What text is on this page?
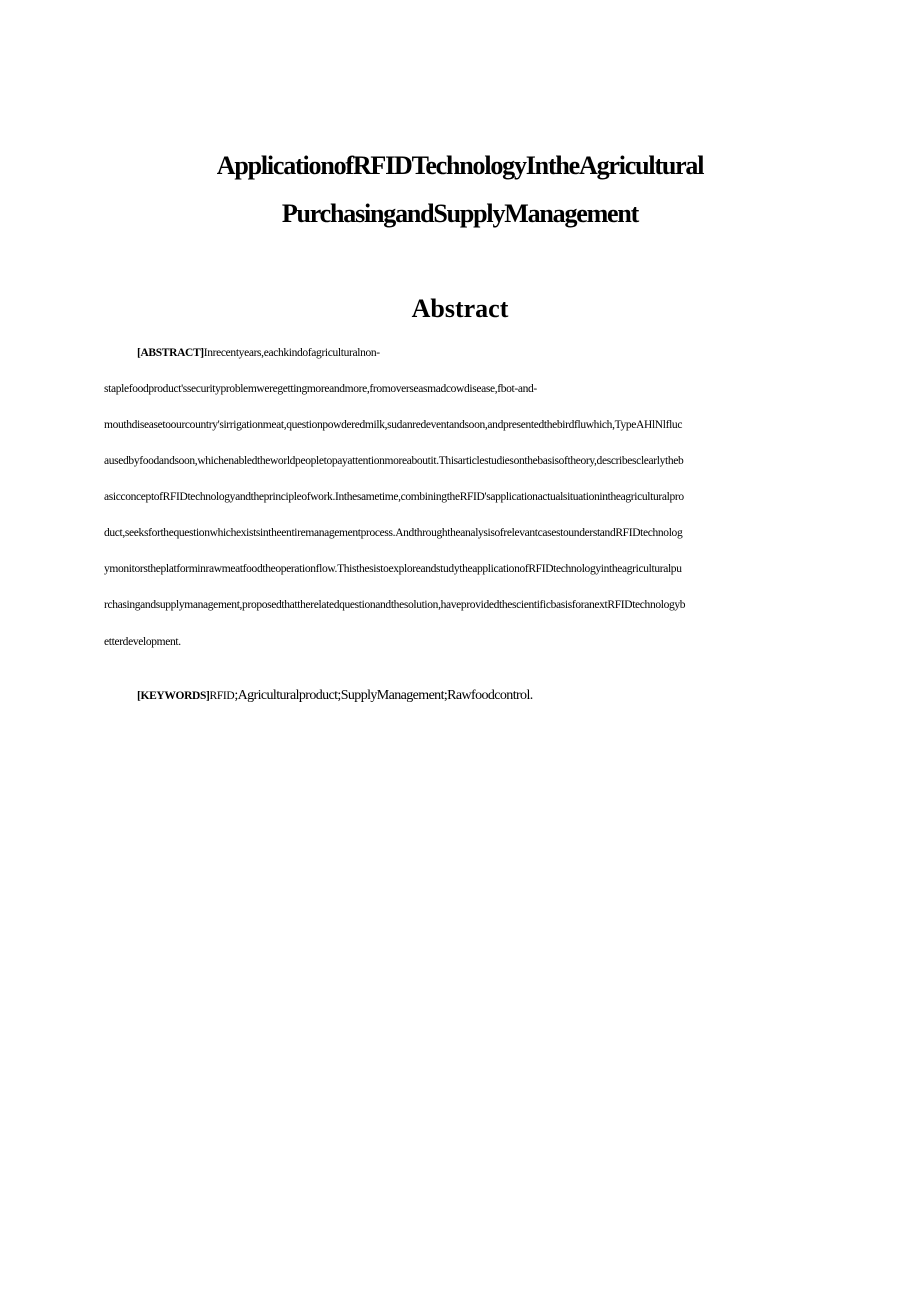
ApplicationofRFIDTechnologyIntheAgricultural
PurchasingandSupplyManagement
Abstract
[ABSTRACT]Inrecentyears,eachkindofagriculturalnon-
staplefoodproduct'ssecurityproblemweregettingmoreandmore,fromoverseasmadcowdisease,fbot-and-
mouthdiseasetoourcountry'sirrigationmeat,questionpowderedmilk,sudanredeventandsoon,andpresentedthebirdfluwhich,TypeAHlNlfluc
ausedbyfoodandsoon,whichenabledtheworldpeopletopayattentionmoreaboutit.Thisarticlestudiesonthebasisoftheory,describesclearlytheb
asicconceptofRFIDtechnologyandtheprincipleofwork.Inthesametime,combiningtheRFID'sapplicationactualsituationintheagriculturalpro
duct,seeksforthequestionwhichexistsintheentiremanagementprocess.AndthroughtheanalysisofrelevantcasestounderstandRFIDtechnolog
ymonitorstheplatforminrawmeatfoodtheoperationflow.ThisthesistoexploreandstudytheapplicationofRFIDtechnologyintheagriculturalpu
rchasingandsupplymanagement,proposedthattherelatedquestionandthesolution,haveprovidedthescientificbasisforanextRFIDtechnologyb
etterdevelopment.
[KEYWORDS]RFID;Agriculturalproduct;SupplyManagement;Rawfoodcontrol.
